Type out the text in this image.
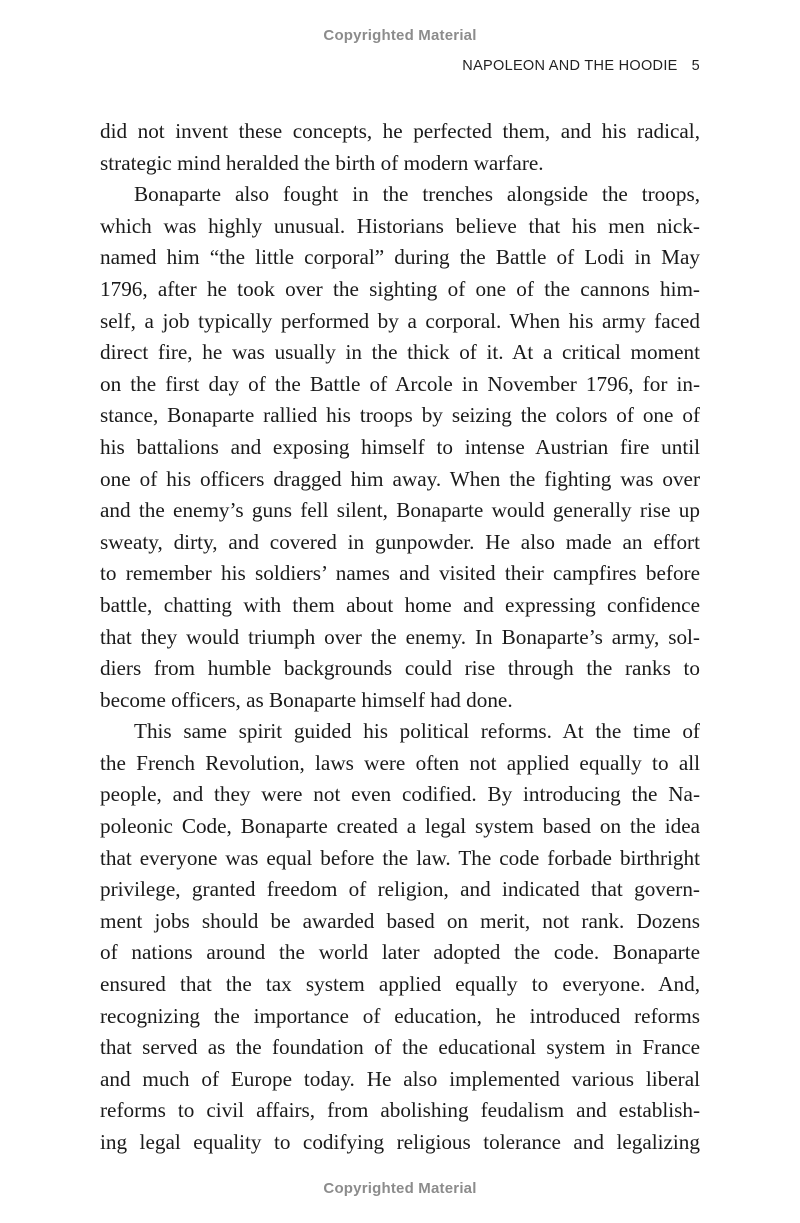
Copyrighted Material
NAPOLEON AND THE HOODIE 5
did not invent these concepts, he perfected them, and his radical,
strategic mind heralded the birth of modern warfare.
Bonaparte also fought in the trenches alongside the troops,
which was highly unusual. Historians believe that his men nick-
named him “the little corporal” during the Battle of Lodi in May
1796, after he took over the sighting of one of the cannons him-
self, a job typically performed by a corporal. When his army faced
direct fire, he was usually in the thick of it. At a critical moment
on the first day of the Battle of Arcole in November 1796, for in-
stance, Bonaparte rallied his troops by seizing the colors of one of
his battalions and exposing himself to intense Austrian fire until
one of his officers dragged him away. When the fighting was over
and the enemy’s guns fell silent, Bonaparte would generally rise up
sweaty, dirty, and covered in gunpowder. He also made an effort
to remember his soldiers’ names and visited their campfires before
battle, chatting with them about home and expressing confidence
that they would triumph over the enemy. In Bonaparte’s army, sol-
diers from humble backgrounds could rise through the ranks to
become officers, as Bonaparte himself had done.
This same spirit guided his political reforms. At the time of
the French Revolution, laws were often not applied equally to all
people, and they were not even codified. By introducing the Na-
poleonic Code, Bonaparte created a legal system based on the idea
that everyone was equal before the law. The code forbade birthright
privilege, granted freedom of religion, and indicated that govern-
ment jobs should be awarded based on merit, not rank. Dozens
of nations around the world later adopted the code. Bonaparte
ensured that the tax system applied equally to everyone. And,
recognizing the importance of education, he introduced reforms
that served as the foundation of the educational system in France
and much of Europe today. He also implemented various liberal
reforms to civil affairs, from abolishing feudalism and establish-
ing legal equality to codifying religious tolerance and legalizing
Copyrighted Material
